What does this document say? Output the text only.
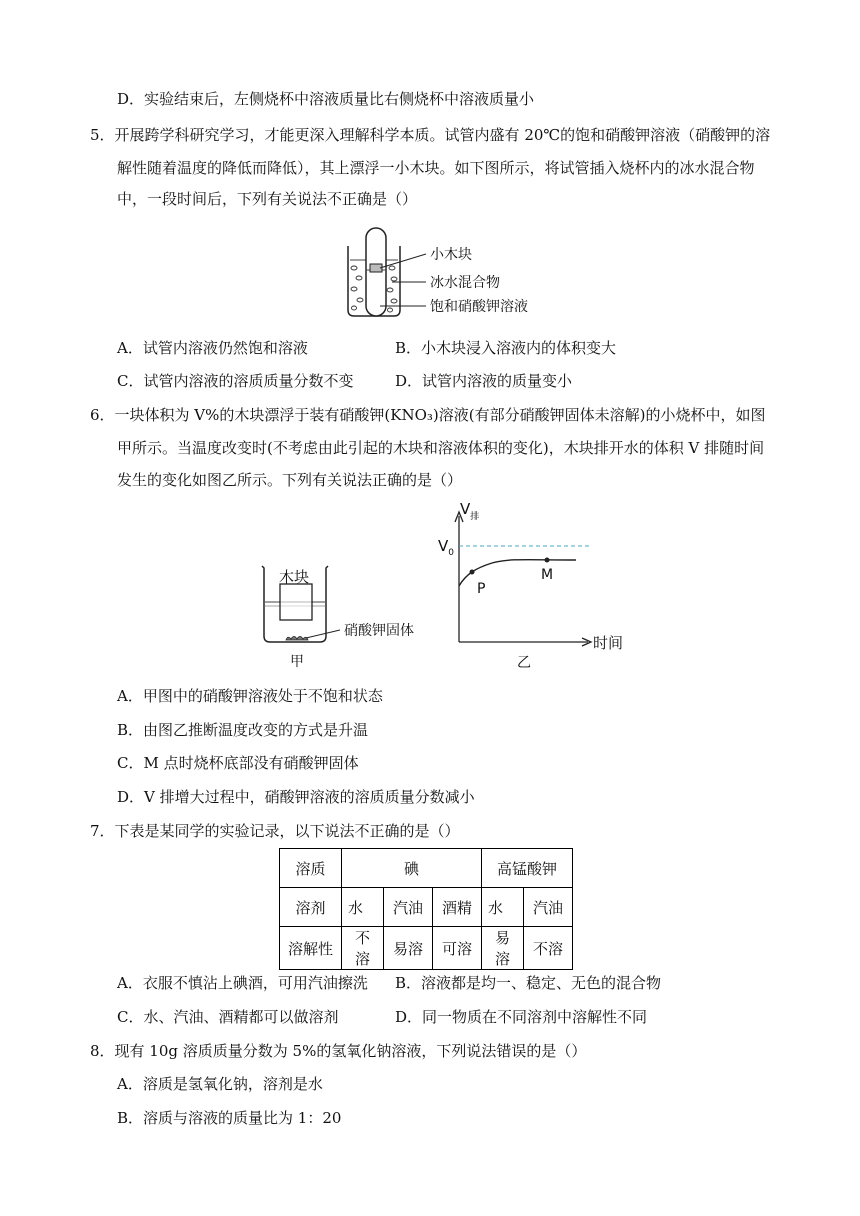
D．实验结束后，左侧烧杯中溶液质量比右侧烧杯中溶液质量小
5．开展跨学科研究学习，才能更深入理解科学本质。试管内盛有 20℃的饱和硝酸钾溶液（硝酸钾的溶
解性随着温度的降低而降低），其上漂浮一小木块。如下图所示，将试管插入烧杯内的冰水混合物
中，一段时间后，下列有关说法不正确是（）
小木块
冰水混合物
饱和硝酸钾溶液
A．试管内溶液仍然饱和溶液	B．小木块浸入溶液内的体积变大
C．试管内溶液的溶质质量分数不变	D．试管内溶液的质量变小
6．一块体积为 V%的木块漂浮于装有硝酸钾(KNO₃)溶液(有部分硝酸钾固体未溶解)的小烧杯中，如图
甲所示。当温度改变时(不考虑由此引起的木块和溶液体积的变化)，木块排开水的体积 V 排随时间
发生的变化如图乙所示。下列有关说法正确的是（）
木块
硝酸钾固体
甲
$V_排$
$V_0$
P
M
时间
乙
A．甲图中的硝酸钾溶液处于不饱和状态
B．由图乙推断温度改变的方式是升温
C．M 点时烧杯底部没有硝酸钾固体
D．V 排增大过程中，硝酸钾溶液的溶质质量分数减小
7．下表是某同学的实验记录，以下说法不正确的是（）
溶质	碘			高锰酸钾	
溶剂	水	汽油	酒精	水	汽油
溶解性	不溶	易溶	可溶	易溶	不溶
A．衣服不慎沾上碘酒，可用汽油擦洗 B．溶液都是均一、稳定、无色的混合物
C．水、汽油、酒精都可以做溶剂	D．同一物质在不同溶剂中溶解性不同
8．现有 10g 溶质质量分数为 5%的氢氧化钠溶液，下列说法错误的是（）
A．溶质是氢氧化钠，溶剂是水
B．溶质与溶液的质量比为 1：20
